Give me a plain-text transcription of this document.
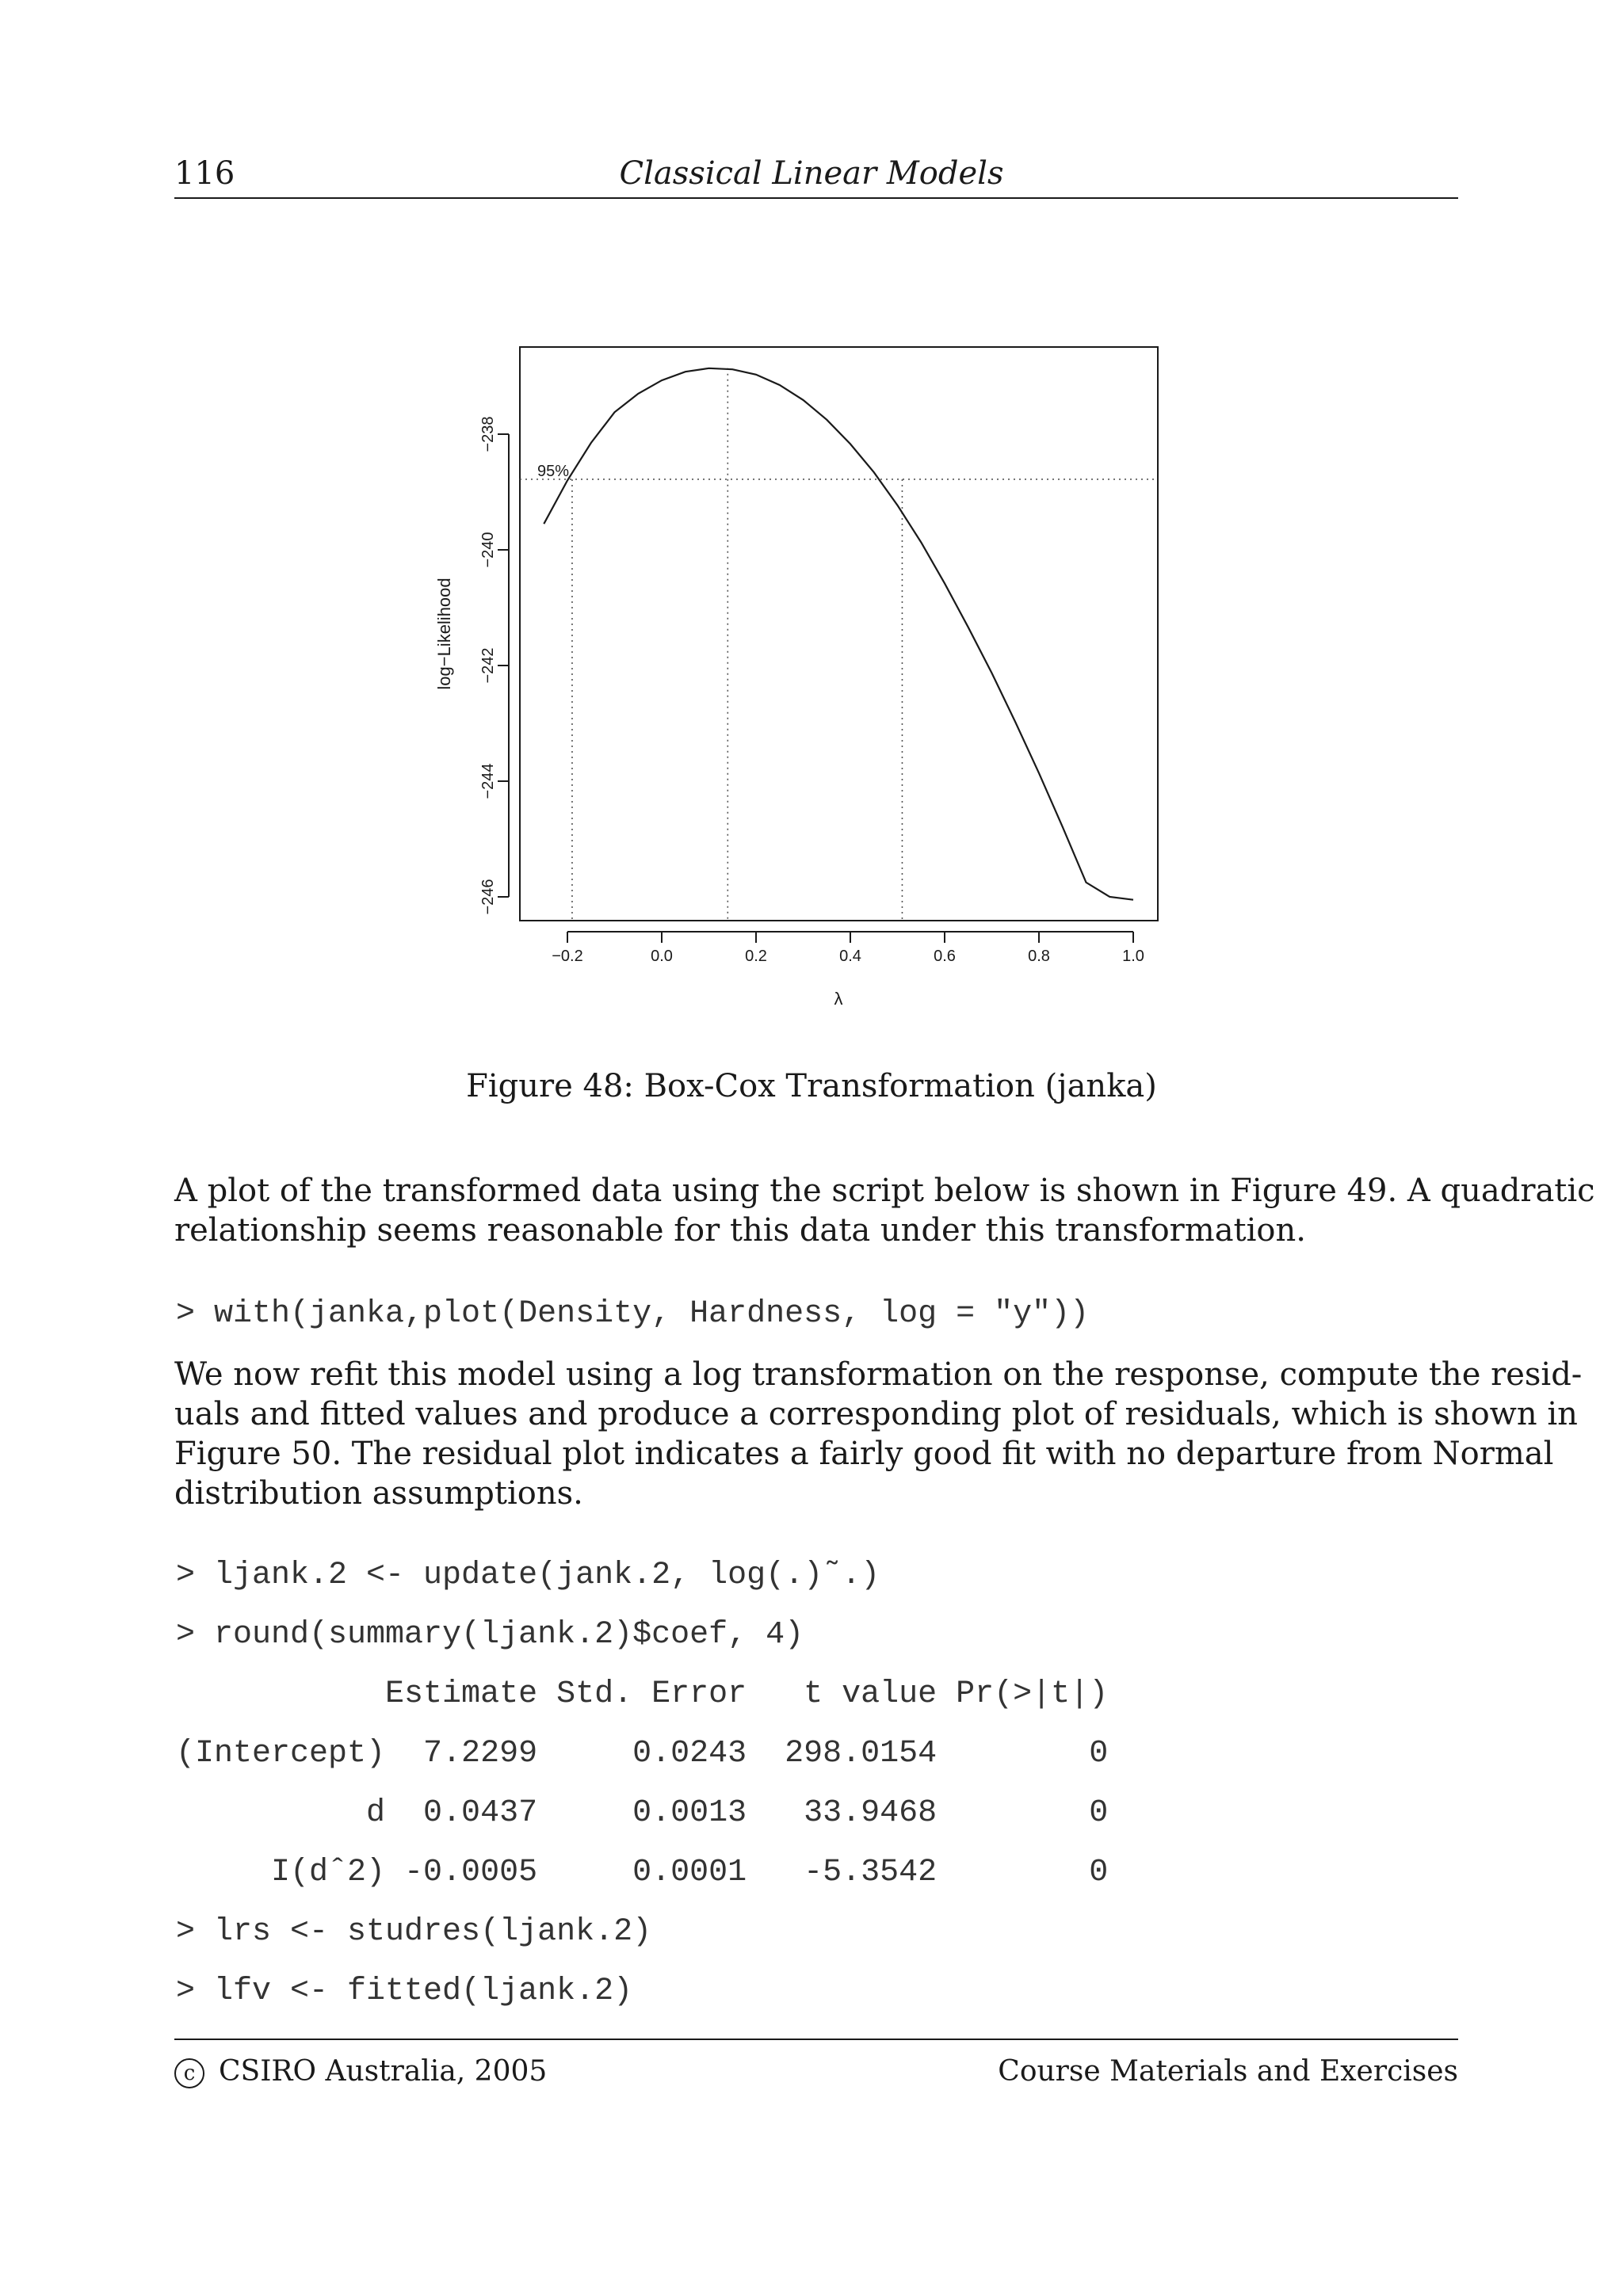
116	Classical Linear Models
−0.2	0.0	0.2	0.4	0.6	0.8	1.0
−238
−240
−242
−244
−246
95%
λ
log−Likelihood
Figure 48: Box-Cox Transformation (janka)
A plot of the transformed data using the script below is shown in Figure 49. A quadratic
relationship seems reasonable for this data under this transformation.
> with(janka,plot(Density, Hardness, log = "y"))
We now refit this model using a log transformation on the response, compute the resid-
uals and fitted values and produce a corresponding plot of residuals, which is shown in
Figure 50. The residual plot indicates a fairly good fit with no departure from Normal
distribution assumptions.
> ljank.2 <- update(jank.2, log(.)˜.)
> round(summary(ljank.2)$coef, 4)
Estimate Std. Error   t value Pr(>|t|)
(Intercept)  7.2299     0.0243  298.0154        0
d  0.0437     0.0013   33.9468        0
I(dˆ2) -0.0005     0.0001   -5.3542        0
> lrs <- studres(ljank.2)
> lfv <- fitted(ljank.2)
c CSIRO Australia, 2005	Course Materials and Exercises
